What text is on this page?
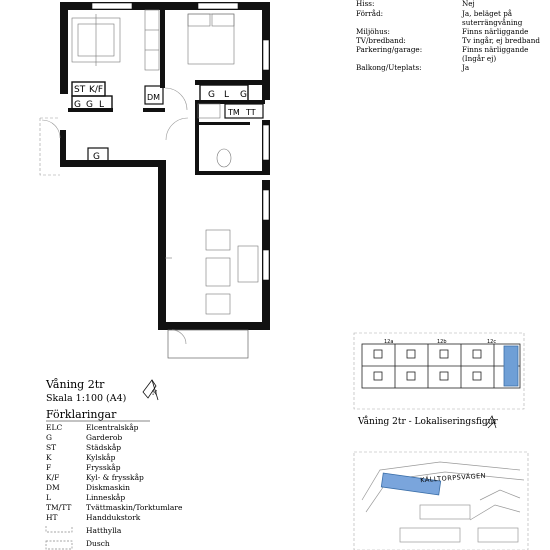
Hiss:	Nej
Förråd:	Ja, beläget på
suterrängvåning
Miljöhus:	Finns närliggande
TV/bredband:	Tv ingår, ej bredband
Parkering/garage:	Finns närliggande
(Ingår ej)
Balkong/Uteplats:	Ja
ST K/F
G G L
DM	G L G
TM TT
G
N
Våning 2tr
Skala 1:100 (A4)
Förklaringar
ELC	Elcentralskåp
G	Garderob
ST	Städskåp
K	Kylskåp
F	Frysskåp
K/F	Kyl- & frysskåp
DM	Diskmaskin
L	Linneskåp
TM/TT Tvättmaskin/Torktumlare
HT	Handdukstork
Hatthylla
Dusch
12a	12b	12c
Våning 2tr - Lokaliseringsfigur
KÄLLTORPSVÄGEN
